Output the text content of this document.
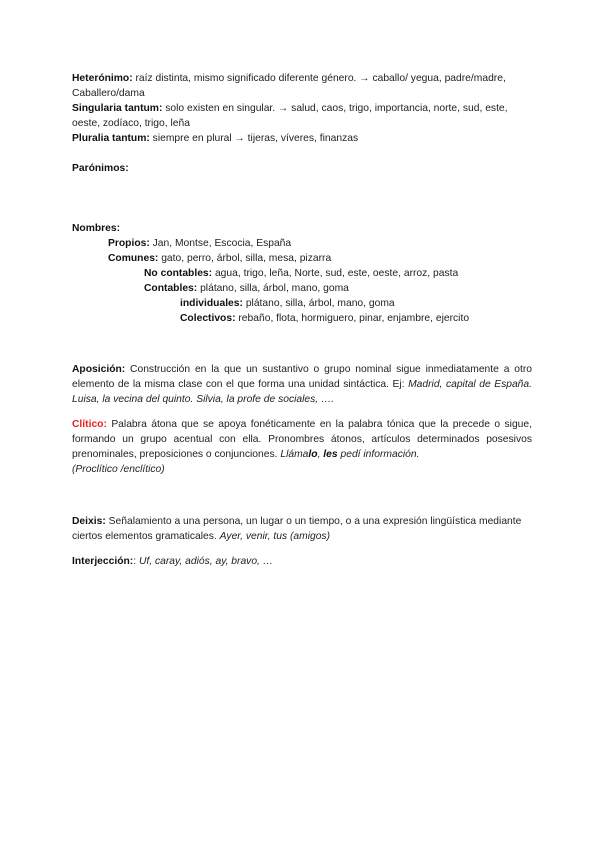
Heterónimo: raíz distinta, mismo significado diferente género. → caballo/ yegua, padre/madre, Caballero/dama

Singularia tantum: solo existen en singular. → salud, caos, trigo, importancia, norte, sud, este, oeste, zodíaco, trigo, leña

Pluralia tantum: siempre en plural → tijeras, víveres, finanzas

Parónimos:

Nombres:

Propios: Jan, Montse, Escocia, España

Comunes: gato, perro, árbol, silla, mesa, pizarra

No contables: agua, trigo, leña, Norte, sud, este, oeste, arroz, pasta

Contables: plátano, silla, árbol, mano, goma

individuales: plátano, silla, árbol, mano, goma

Colectivos: rebaño, flota, hormiguero, pinar, enjambre, ejercito

Aposición: Construcción en la que un sustantivo o grupo nominal sigue inmediatamente a otro elemento de la misma clase con el que forma una unidad sintáctica. Ej: Madrid, capital de España. Luisa, la vecina del quinto. Silvia, la profe de sociales, ….

Clítico: Palabra átona que se apoya fonéticamente en la palabra tónica que la precede o sigue, formando un grupo acentual con ella. Pronombres átonos, artículos determinados posesivos prenominales, preposiciones o conjunciones. Llámalo, les pedí información.
(Proclítico /enclítico)

Deixis: Señalamiento a una persona, un lugar o un tiempo, o a una expresión lingüística mediante ciertos elementos gramaticales. Ayer, venir, tus (amigos)

Interjección:: Uf, caray, adiós, ay, bravo, …
